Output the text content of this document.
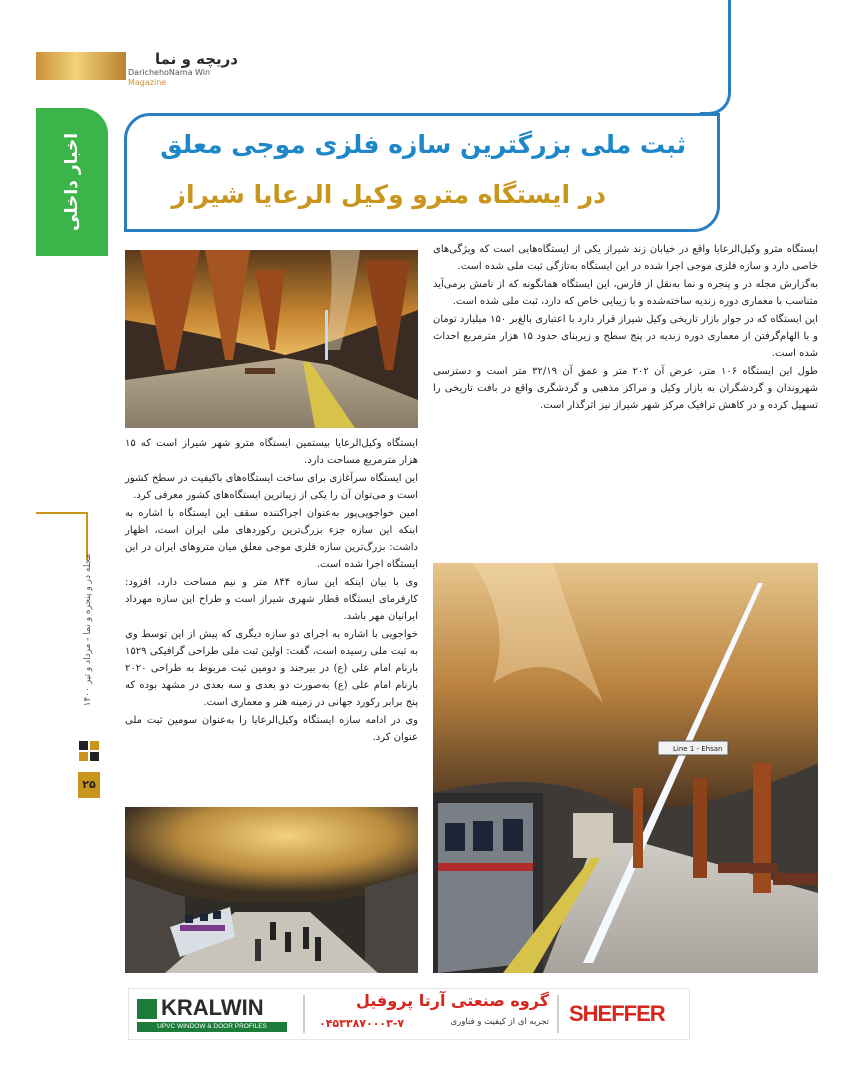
دریچه و نما
DarichehoNama Win Magazine
اخبار داخلی	ثبت ملی بزرگترین سازه فلزی موجی معلق
در ایستگاه مترو وکیل الرعایا شیراز

ایستگاه مترو وکیل‌الرعایا واقع در خیابان زند شیراز یکی از ایستگاه‌هایی است که ویژگی‌های خاصی دارد و سازه فلزی موجی اجرا شده در این ایستگاه به‌تازگی ثبت ملی شده است.

به‌گزارش مجله در و پنجره و نما به‌نقل از فارس، این ایستگاه همانگونه که از نامش برمی‌آید متناسب با معماری دوره زندیه ساخته‌شده و با زیبایی خاص که دارد، ثبت ملی شده است.

این ایستگاه که در جوار بازار تاریخی وکیل شیراز قرار دارد با اعتباری بالغ‌بر ۱۵۰ میلیارد تومان و با الهام‌گرفتن از معماری دوره زندیه در پنج سطح و زیربنای حدود ۱۵ هزار مترمربع احداث شده است.

طول این ایستگاه ۱۰۶ متر، عرض آن ۲۰۲ متر و عمق آن ۳۲/۱۹ متر است و دسترسی شهروندان و گردشگران به بازار وکیل و مراکز مذهبی و گردشگری واقع در بافت تاریخی را تسهیل کرده و در کاهش ترافیک مرکز شهر شیراز نیز اثرگذار است.

ایستگاه وکیل‌الرعایا بیستمین ایستگاه مترو شهر شیراز است که ۱۵ هزار مترمربع مساحت دارد.

این ایستگاه سرآغازی برای ساخت ایستگاه‌های باکیفیت در سطح کشور است و می‌توان آن را یکی از زیباترین ایستگاه‌های کشور معرفی کرد.

امین خواجویی‌پور به‌عنوان اجراکننده سقف این ایستگاه با اشاره به اینکه این سازه جزء بزرگ‌ترین رکوردهای ملی ایران است، اظهار داشت: بزرگ‌ترین سازه فلزی موجی معلق میان مترو‌های ایران در این ایستگاه اجرا شده است.

وی با بیان اینکه این سازه ۸۴۴ متر و نیم مساحت دارد، افزود: کارفرمای ایستگاه قطار شهری شیراز است و طراح این سازه مهرداد ایرانیان مهر باشد.

خواجویی با اشاره به اجرای دو سازه دیگری که پیش از این توسط وی به ثبت ملی رسیده است، گفت: اولین ثبت ملی طراحی گرافیکی ۱۵۲۹ بارنام امام علی (ع) در بیرجند و دومین ثبت مربوط به طراحی ۲۰۲۰ بارنام امام علی (ع) به‌صورت دو بعدی و سه بعدی در مشهد بوده که پنج برابر رکورد جهانی در زمینه هنر و معماری است.

وی در ادامه سازه ایستگاه وکیل‌الرعایا را به‌عنوان سومین ثبت ملی عنوان کرد.

Line 1 - Ehsan
مجله در و پنجره و نما - مرداد و تیر ۱۴۰۰
۲۵
KRALWIN
UPVC WINDOW & DOOR PROFILES
گروه صنعتی آرتا پروفیل
تجربه ای از کیفیت و فناوری
۰۴۵۳۳۸۷۰۰۰۳-۷	SHEFFER
